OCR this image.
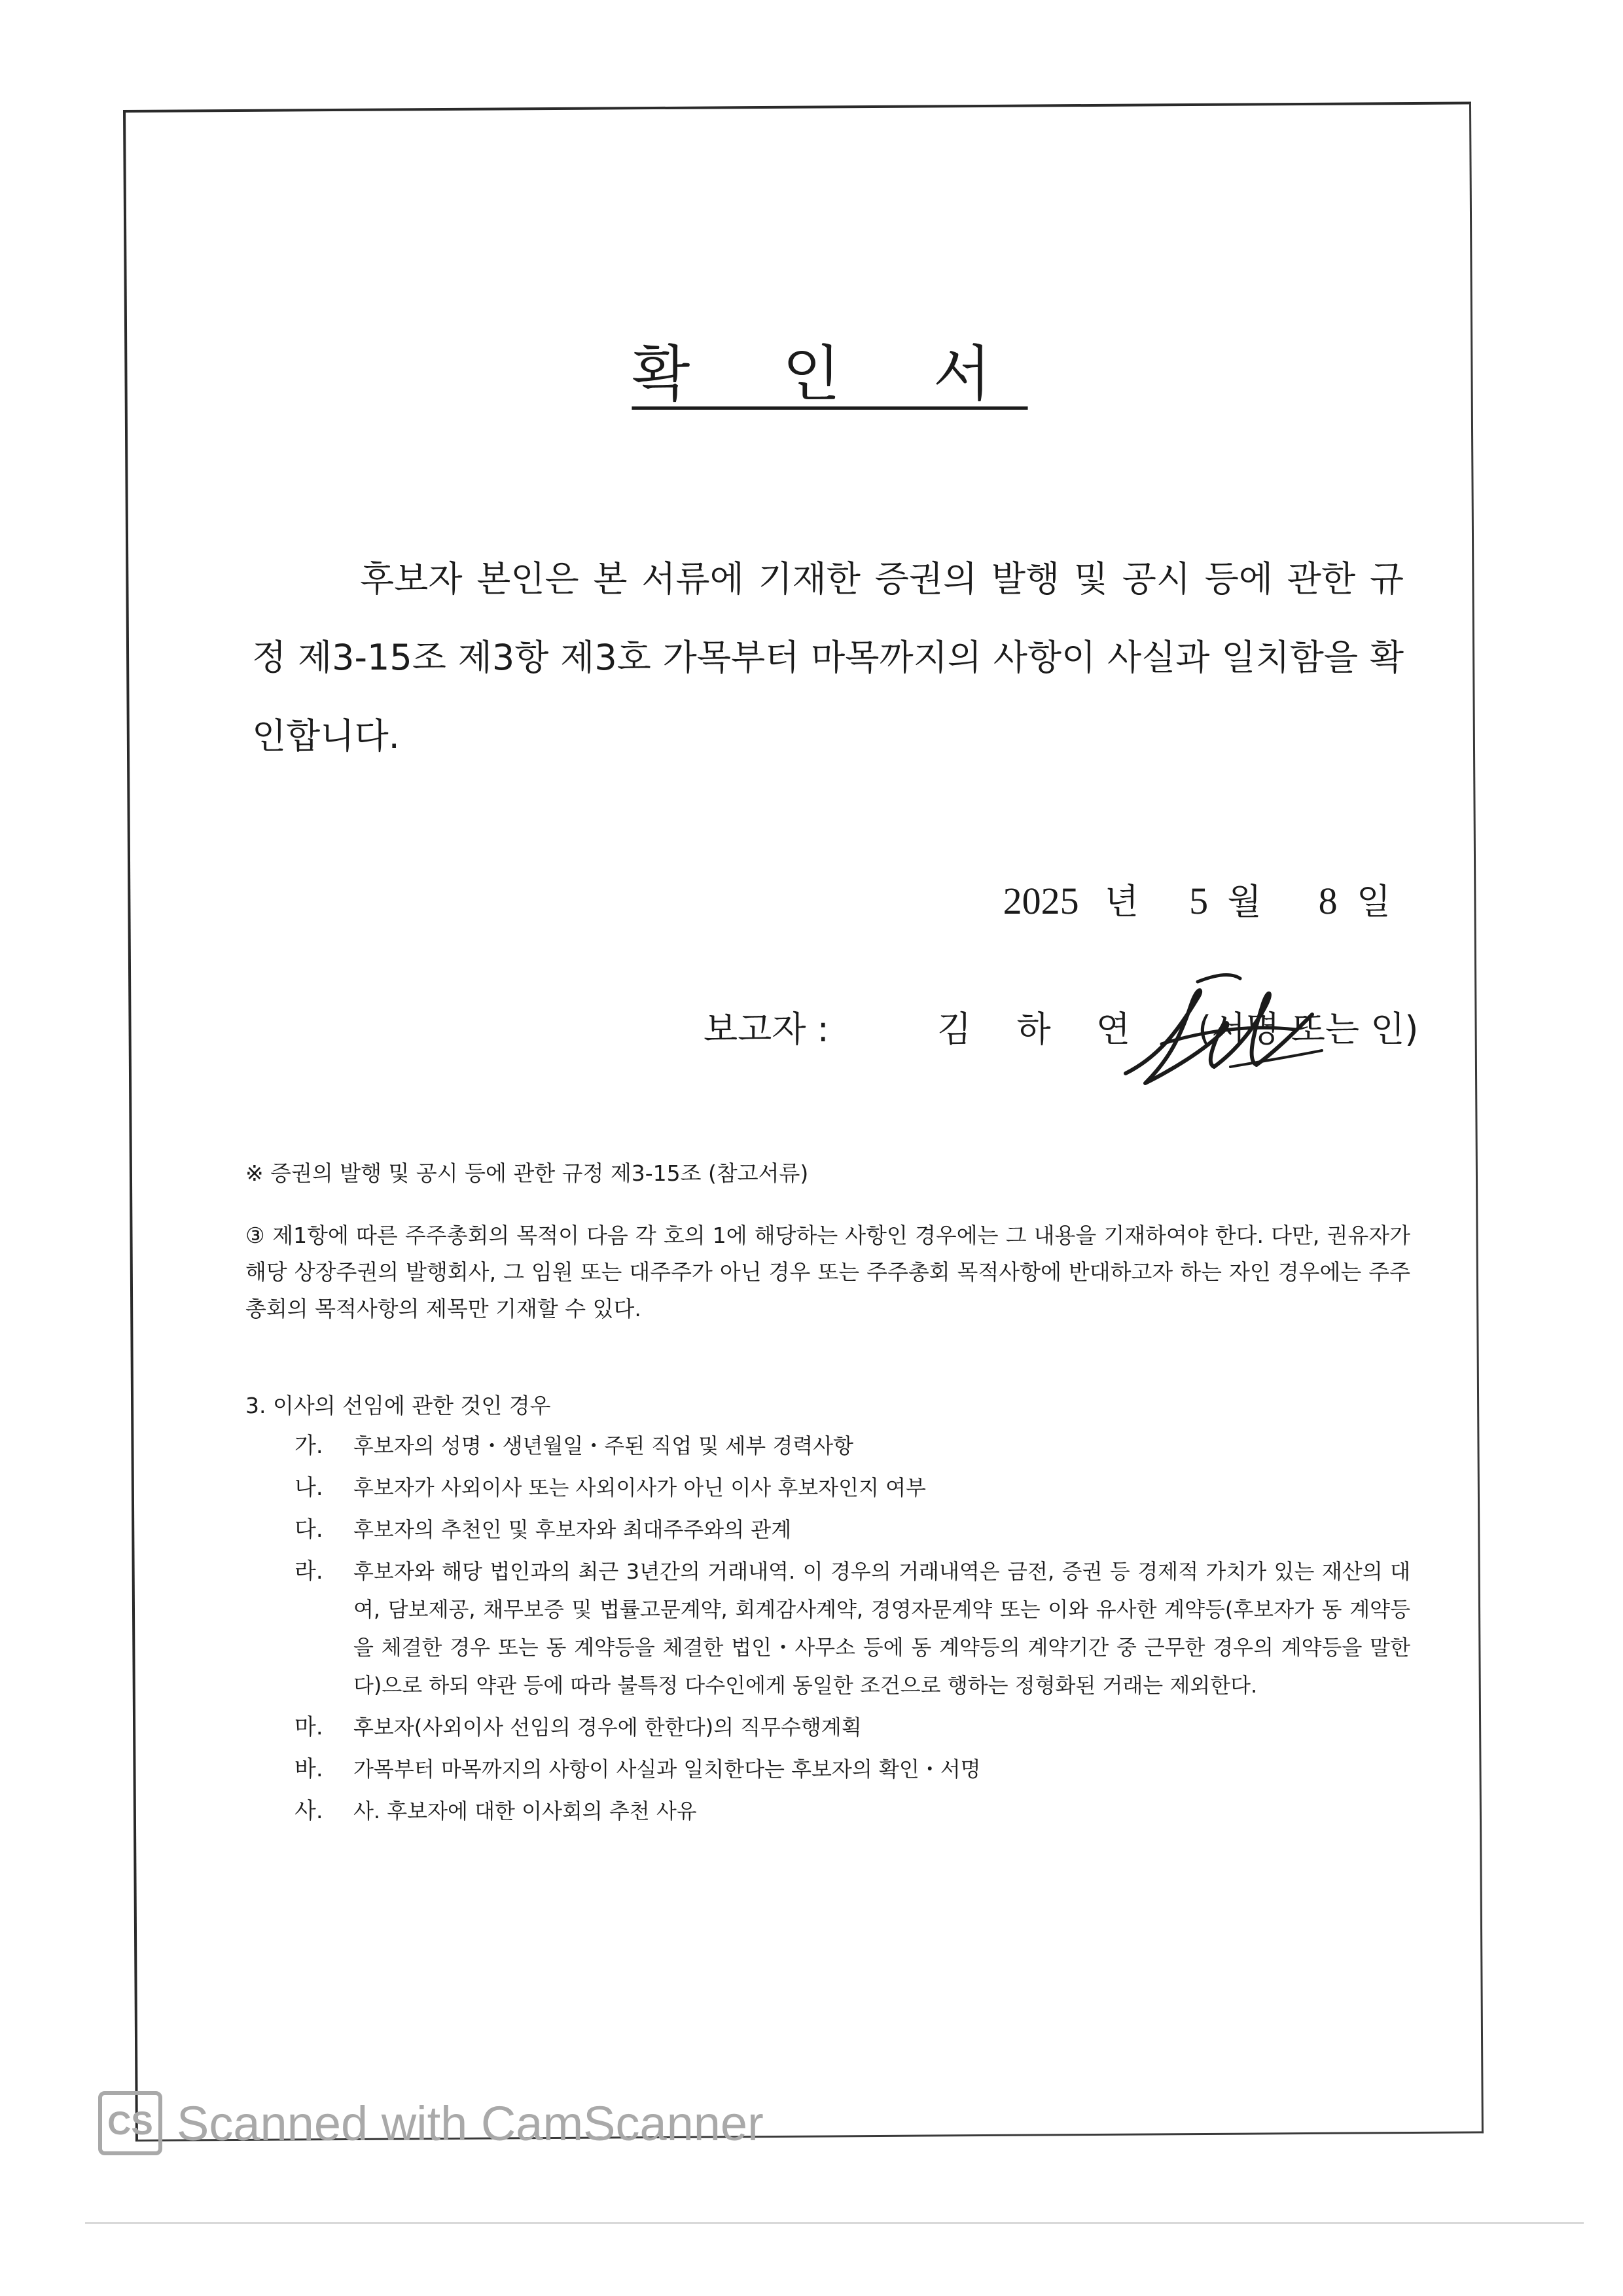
확 인 서
후보자 본인은 본 서류에 기재한 증권의 발행 및 공시 등에 관한 규정 제3-15조 제3항 제3호 가목부터 마목까지의 사항이 사실과 일치함을 확인합니다.
2025 년 5 월 8 일
보고자 :	김 하 연 (서명 또는 인)
※ 증권의 발행 및 공시 등에 관한 규정 제3-15조 (참고서류)
③ 제1항에 따른 주주총회의 목적이 다음 각 호의 1에 해당하는 사항인 경우에는 그 내용을 기재하여야 한다. 다만, 권유자가 해당 상장주권의 발행회사, 그 임원 또는 대주주가 아닌 경우 또는 주주총회 목적사항에 반대하고자 하는 자인 경우에는 주주총회의 목적사항의 제목만 기재할 수 있다.
3. 이사의 선임에 관한 것인 경우
가.	후보자의 성명・생년월일・주된 직업 및 세부 경력사항
나.	후보자가 사외이사 또는 사외이사가 아닌 이사 후보자인지 여부
다.	후보자의 추천인 및 후보자와 최대주주와의 관계
라.	후보자와 해당 법인과의 최근 3년간의 거래내역. 이 경우의 거래내역은 금전, 증권 등 경제적 가치가 있는 재산의 대여, 담보제공, 채무보증 및 법률고문계약, 회계감사계약, 경영자문계약 또는 이와 유사한 계약등(후보자가 동 계약등을 체결한 경우 또는 동 계약등을 체결한 법인・사무소 등에 동 계약등의 계약기간 중 근무한 경우의 계약등을 말한다)으로 하되 약관 등에 따라 불특정 다수인에게 동일한 조건으로 행하는 정형화된 거래는 제외한다.
마.	후보자(사외이사 선임의 경우에 한한다)의 직무수행계획
바.	가목부터 마목까지의 사항이 사실과 일치한다는 후보자의 확인・서명
사.	사. 후보자에 대한 이사회의 추천 사유
CS Scanned with CamScanner
